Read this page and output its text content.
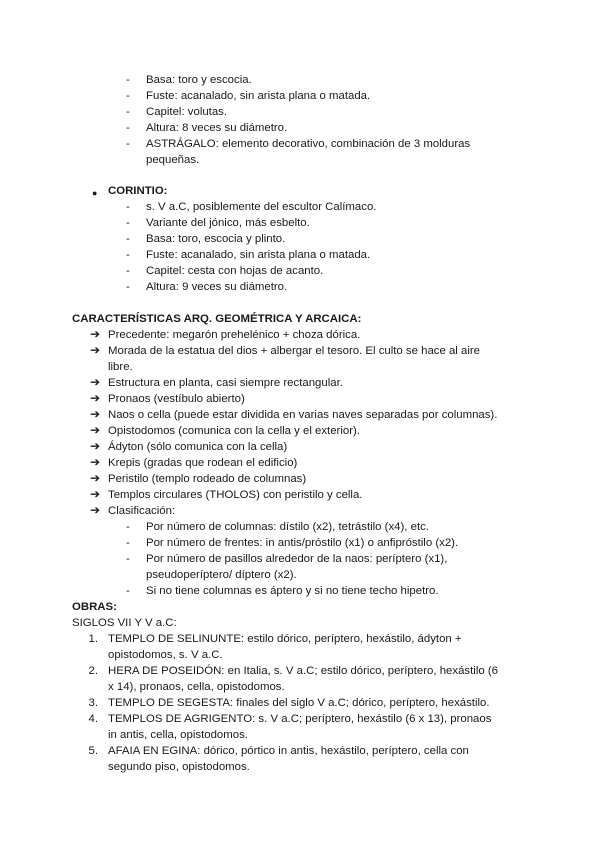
- Basa: toro y escocia.
- Fuste: acanalado, sin arista plana o matada.
- Capitel: volutas.
- Altura: 8 veces su diámetro.
- ASTRÁGALO: elemento decorativo, combinación de 3 molduras
pequeñas.
● CORINTIO:
- s. V a.C, posiblemente del escultor Calímaco.
- Variante del jónico, más esbelto.
- Basa: toro, escocia y plinto.
- Fuste: acanalado, sin arista plana o matada.
- Capitel: cesta con hojas de acanto.
- Altura: 9 veces su diámetro.
CARACTERÍSTICAS ARQ. GEOMÉTRICA Y ARCAICA:
➔ Precedente: megarón prehelénico + choza dórica.
➔ Morada de la estatua del dios + albergar el tesoro. El culto se hace al aire
libre.
➔ Estructura en planta, casi siempre rectangular.
➔ Pronaos (vestíbulo abierto)
➔ Naos o cella (puede estar dividida en varias naves separadas por columnas).
➔ Opistodomos (comunica con la cella y el exterior).
➔ Ádyton (sólo comunica con la cella)
➔ Krepis (gradas que rodean el edificio)
➔ Peristilo (templo rodeado de columnas)
➔ Templos circulares (THOLOS) con peristilo y cella.
➔ Clasificación:
- Por número de columnas: dístilo (x2), tetrástilo (x4), etc.
- Por número de frentes: in antis/próstilo (x1) o anfipróstilo (x2).
- Por número de pasillos alrededor de la naos: períptero (x1),
pseudoperíptero/ díptero (x2).
- Si no tiene columnas es áptero y si no tiene techo hipetro.
OBRAS:
SIGLOS VII Y V a.C:
1. TEMPLO DE SELINUNTE: estilo dórico, períptero, hexástilo, ádyton +
opistodomos, s. V a.C.
2. HERA DE POSEIDÓN: en Italia, s. V a.C; estilo dórico, períptero, hexástilo (6
x 14), pronaos, cella, opistodomos.
3. TEMPLO DE SEGESTA: finales del siglo V a.C; dórico, períptero, hexástilo.
4. TEMPLOS DE AGRIGENTO: s. V a.C; períptero, hexástilo (6 x 13), pronaos
in antis, cella, opistodomos.
5. AFAIA EN EGINA: dórico, pórtico in antis, hexástilo, períptero, cella con
segundo piso, opistodomos.
